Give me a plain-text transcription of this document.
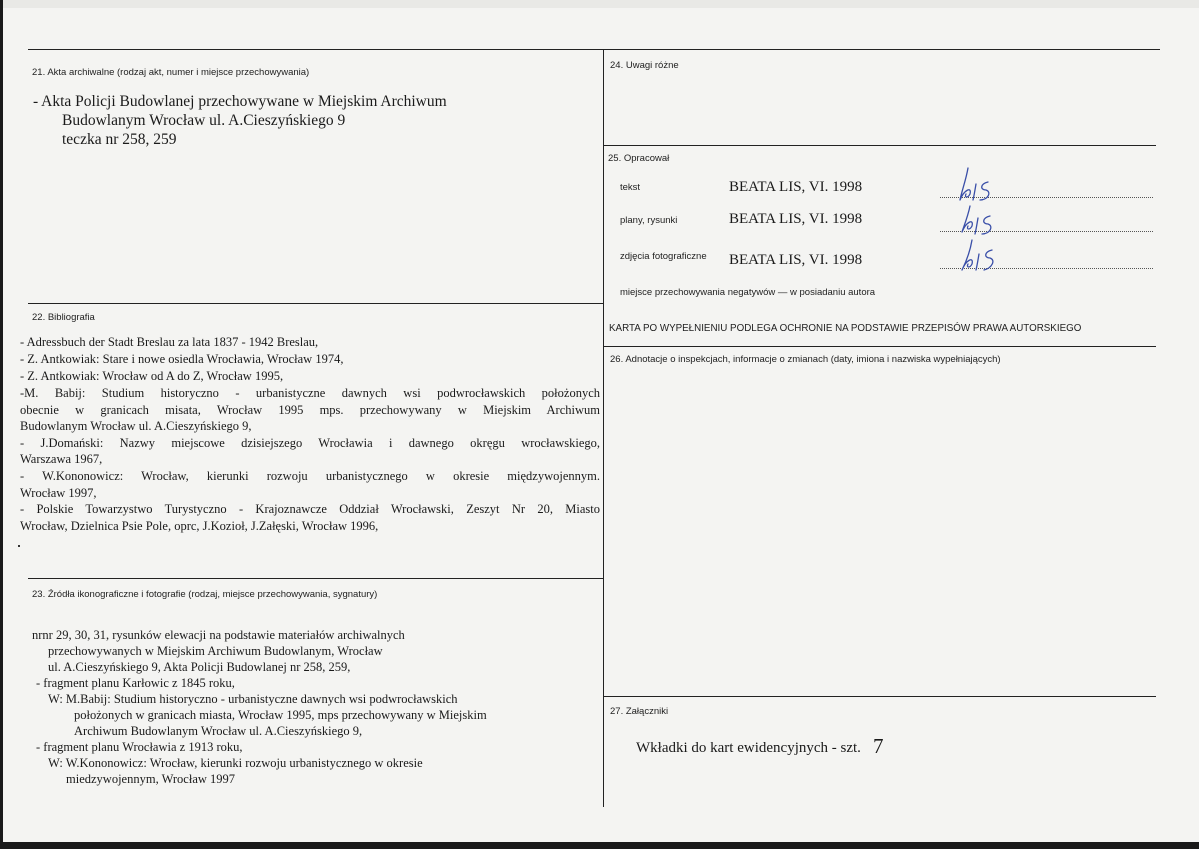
21. Akta archiwalne (rodzaj akt, numer i miejsce przechowywania)
- Akta Policji Budowlanej przechowywane w Miejskim Archiwum
Budowlanym Wrocław ul. A.Cieszyńskiego 9
teczka nr 258, 259
22. Bibliografia
- Adressbuch der Stadt Breslau za lata 1837 - 1942 Breslau,
- Z. Antkowiak: Stare i nowe osiedla Wrocławia, Wrocław 1974,
- Z. Antkowiak: Wrocław od A do Z, Wrocław 1995,
-M. Babij: Studium historyczno - urbanistyczne dawnych wsi podwrocławskich położonych
obecnie w granicach misata, Wrocław 1995 mps. przechowywany w Miejskim Archiwum
Budowlanym Wrocław ul. A.Cieszyńskiego 9,
- J.Domański: Nazwy miejscowe dzisiejszego Wrocławia i dawnego okręgu wrocławskiego,
Warszawa 1967,
- W.Kononowicz: Wrocław, kierunki rozwoju urbanistycznego w okresie międzywojennym.
Wrocław 1997,
- Polskie Towarzystwo Turystyczno - Krajoznawcze Oddział Wrocławski, Zeszyt Nr 20, Miasto
Wrocław, Dzielnica Psie Pole, oprc, J.Kozioł, J.Załęski, Wrocław 1996,
23. Źródła ikonograficzne i fotografie (rodzaj, miejsce przechowywania, sygnatury)
nrnr 29, 30, 31, rysunków elewacji na podstawie materiałów archiwalnych
przechowywanych w Miejskim Archiwum Budowlanym, Wrocław
ul. A.Cieszyńskiego 9, Akta Policji Budowlanej nr 258, 259,
- fragment planu Karłowic z 1845 roku,
W: M.Babij: Studium historyczno - urbanistyczne dawnych wsi podwrocławskich
położonych w granicach miasta, Wrocław 1995, mps przechowywany w Miejskim
Archiwum Budowlanym Wrocław ul. A.Cieszyńskiego 9,
- fragment planu Wrocławia z 1913 roku,
W: W.Kononowicz: Wrocław, kierunki rozwoju urbanistycznego w okresie
miedzywojennym, Wrocław 1997
24. Uwagi różne
25. Opracował
tekst	BEATA LIS, VI. 1998
plany, rysunki	BEATA LIS, VI. 1998
zdjęcia fotograficzne BEATA LIS, VI. 1998
miejsce przechowywania negatywów — w posiadaniu autora
KARTA PO WYPEŁNIENIU PODLEGA OCHRONIE NA PODSTAWIE PRZEPISÓW PRAWA AUTORSKIEGO
26. Adnotacje o inspekcjach, informacje o zmianach (daty, imiona i nazwiska wypełniających)
27. Załączniki
Wkładki do kart ewidencyjnych - szt. 7
